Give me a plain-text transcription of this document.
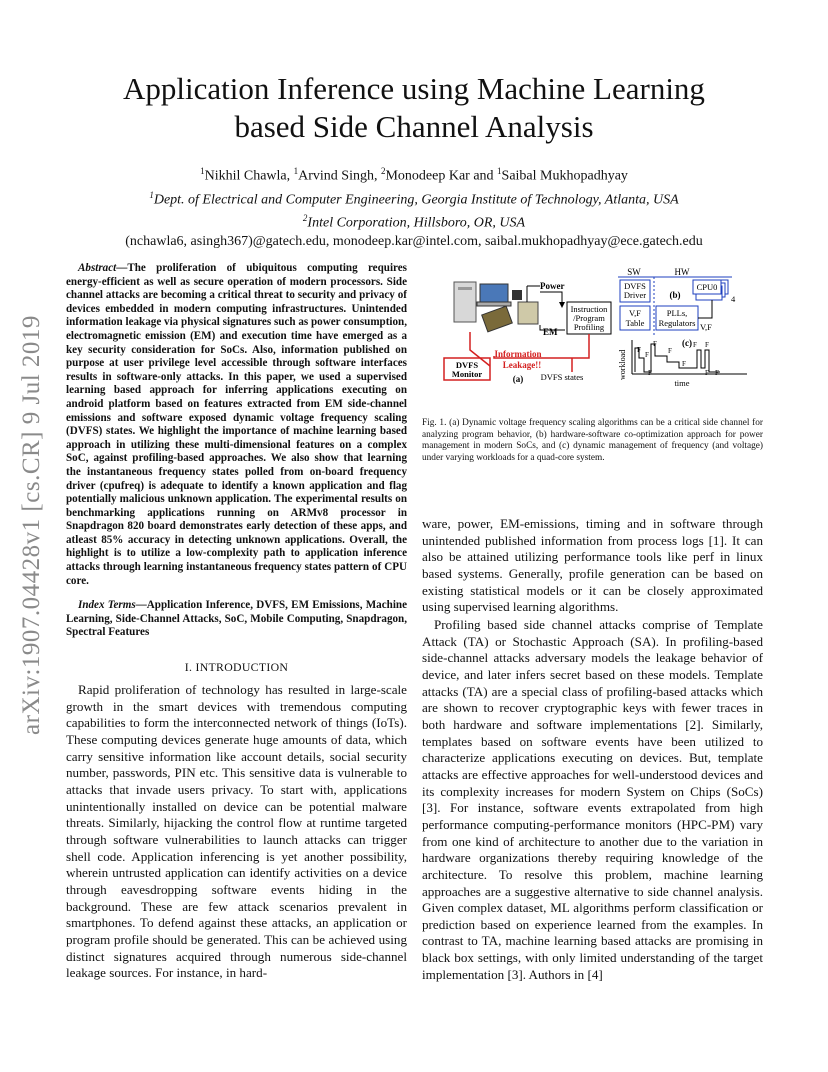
arXiv:1907.04428v1 [cs.CR] 9 Jul 2019
Application Inference using Machine Learning
based Side Channel Analysis
$^1$Nikhil Chawla, $^1$Arvind Singh, $^2$Monodeep Kar and $^1$Saibal Mukhopadhyay
$^1$Dept. of Electrical and Computer Engineering, Georgia Institute of Technology, Atlanta, USA
$^2$Intel Corporation, Hillsboro, OR, USA
(nchawla6, asingh367)@gatech.edu, monodeep.kar@intel.com, saibal.mukhopadhyay@ece.gatech.edu
Abstract—The proliferation of ubiquitous computing requires energy-efficient as well as secure operation of modern processors. Side channel attacks are becoming a critical threat to security and privacy of devices embedded in modern computing infrastructures. Unintended information leakage via physical signatures such as power consumption, electromagnetic emission (EM) and execution time have emerged as a key security consideration for SoCs. Also, information published on purpose at user privilege level accessible through software interfaces results in software-only attacks. In this paper, we used a supervised learning based approach for inferring applications executing on android platform based on features extracted from EM side-channel emissions and software exposed dynamic voltage frequency scaling (DVFS) states. We highlight the importance of machine learning based approach in utilizing these multi-dimensional features on a complex SoC, against profiling-based approaches. We also show that learning the instantaneous frequency states polled from on-board frequency driver (cpufreq) is adequate to identify a known application and flag potentially malicious unknown application. The experimental results on benchmarking applications running on ARMv8 processor in Snapdragon 820 board demonstrates early detection of these apps, and atleast 85% accuracy in detecting unknown applications. Overall, the highlight is to utilize a low-complexity path to application inference attacks through learning instantaneous frequency states pattern of CPU core.
Index Terms—Application Inference, DVFS, EM Emissions, Machine Learning, Side-Channel Attacks, SoC, Mobile Computing, Snapdragon, Spectral Features
I. INTRODUCTION
Rapid proliferation of technology has resulted in large-scale growth in the smart devices with tremendous computing capabilities to form the interconnected network of things (IoTs). These computing devices generate huge amounts of data, which carry sensitive information like account details, social security number, passwords, PIN etc. This sensitive data is vulnerable to attacks that invade users privacy. To start with, applications unintentionally installed on device can be potential malware threats. Similarly, hijacking the control flow at runtime targeted through software vulnerabilities to launch attacks can trigger shell code. Application inferencing is yet another possibility, wherein untrusted application can identify activities on a device through eavesdropping software events hiding in the background. These are few attack scenarios prevalent in smartphones. To defend against these attacks, an application or program profile should be generated. This can be achieved using distinct signatures acquired through numerous side-channel leakage sources. For instance, in hard-
Power
EM
Instruction
/Program
Profiling
DVFS
Monitor
Information
Leakage!!
(a) DVFS states
SW	HW
DVFS
Driver
V,F
Table
(b)
PLLs,
Regulators
CPU0
4
V,F
(c)
workload
time
F
F
F
F
F
F
F F
F F
Fig. 1. (a) Dynamic voltage frequency scaling algorithms can be a critical side channel for analyzing program behavior, (b) hardware-software co-optimization approach for power management in modern SoCs, and (c) dynamic management of frequency (and voltage) under varying workloads for a quad-core system.
ware, power, EM-emissions, timing and in software through unintended published information from process logs [1]. It can also be attained utilizing performance tools like perf in linux based systems. Generally, profile generation can be based on existing statistical models or it can be closely approximated using supervised learning algorithms.
Profiling based side channel attacks comprise of Template Attack (TA) or Stochastic Approach (SA). In profiling-based side-channel attacks adversary models the leakage behavior of device, and later infers secret based on these models. Template attacks (TA) are a special class of profiling-based attacks which are shown to recover cryptographic keys with fewer traces in both hardware and software implementations [2]. Similarly, templates based on software events have been utilized to characterize applications executing on devices. But, template attacks are effective approaches for well-understood devices and its complexity increases for modern System on Chips (SoCs) [3]. For instance, software events extrapolated from high performance computing-performance monitors (HPC-PM) vary from one kind of architecture to another due to the variation in hardware organizations thereby requiring knowledge of the architecture. To resolve this problem, machine learning approaches are a suggestive alternative to side channel analysis. Given complex dataset, ML algorithms perform classification or prediction based on experience learned from the examples. In contrast to TA, machine learning based attacks are promising in black box settings, with only limited understanding of the target implementation [3]. Authors in [4]
